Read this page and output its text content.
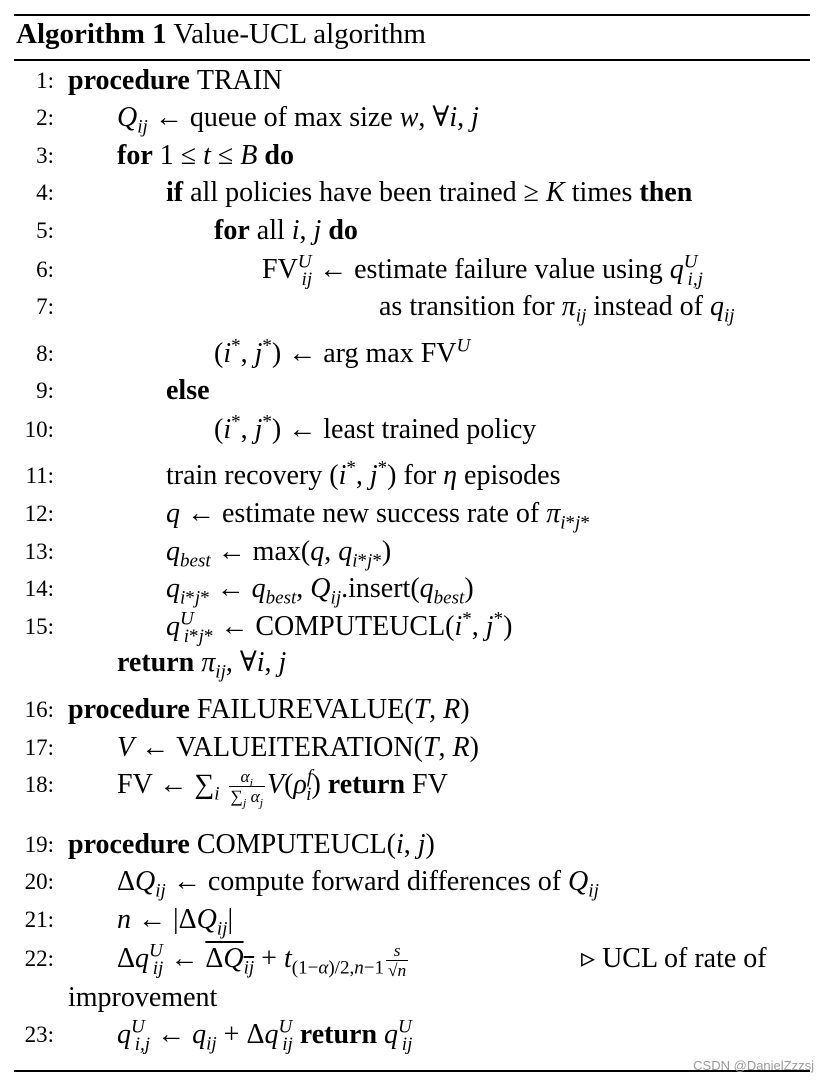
Algorithm 1 Value-UCL algorithm
1: procedure TRAIN
2: $Q_{ij}$ ← queue of max size w, ∀i, j
3: for 1 ≤ t ≤ B do
4:	if all policies have been trained ≥ K times then
5:	for all i, j do
6:	$FV^U_{ij}$ ← estimate failure value using $q^U_{i,j}$
7:	as transition for $\pi_{ij}$ instead of $q_{ij}$
8:	(i*, j*) ← arg $\max FV^U$
9:	else
10:	(i*, j*) ← least trained policy
11:	train recovery (i*, j*) for η episodes
12:	q ← estimate new success rate of $\pi_{i*j*}$
13:	$q_{best}$ ← max(q, $q_{i*j*}$)
14:	$q_{i*j*}$ ← $q_{best}$, $Q_{ij}.insert(q_{best})$
15:	$q^U_{i*j*}$ ← COMPUTEUCL(i*, j*)
return $\pi_{ij}$, ∀i, j
16: procedure FAILUREVALUE(T, R)
17: V ← VALUEITERATION(T, R)
18: FV ← $\sum_i \frac{\alpha_i}{\sum_j \alpha_j} V(\rho^f_i)$ return FV
19: procedure COMPUTEUCL(i, j)
20: $\Delta Q_{ij}$ ← compute forward differences of $Q_{ij}$
21: n ← $|\Delta Q_{ij}|$
22: $\Delta q^U_{ij}$ ← $\Delta Q_{ij} + t_{(1-\alpha)/2,n-1} \frac{s}{√n}$	▹ UCL of rate of
improvement
23: $q^U_{i,j}$ ← $q_{ij} + \Delta q^U_{ij}$ return $q^U_{ij}$
CSDN @DanielZzzsj
